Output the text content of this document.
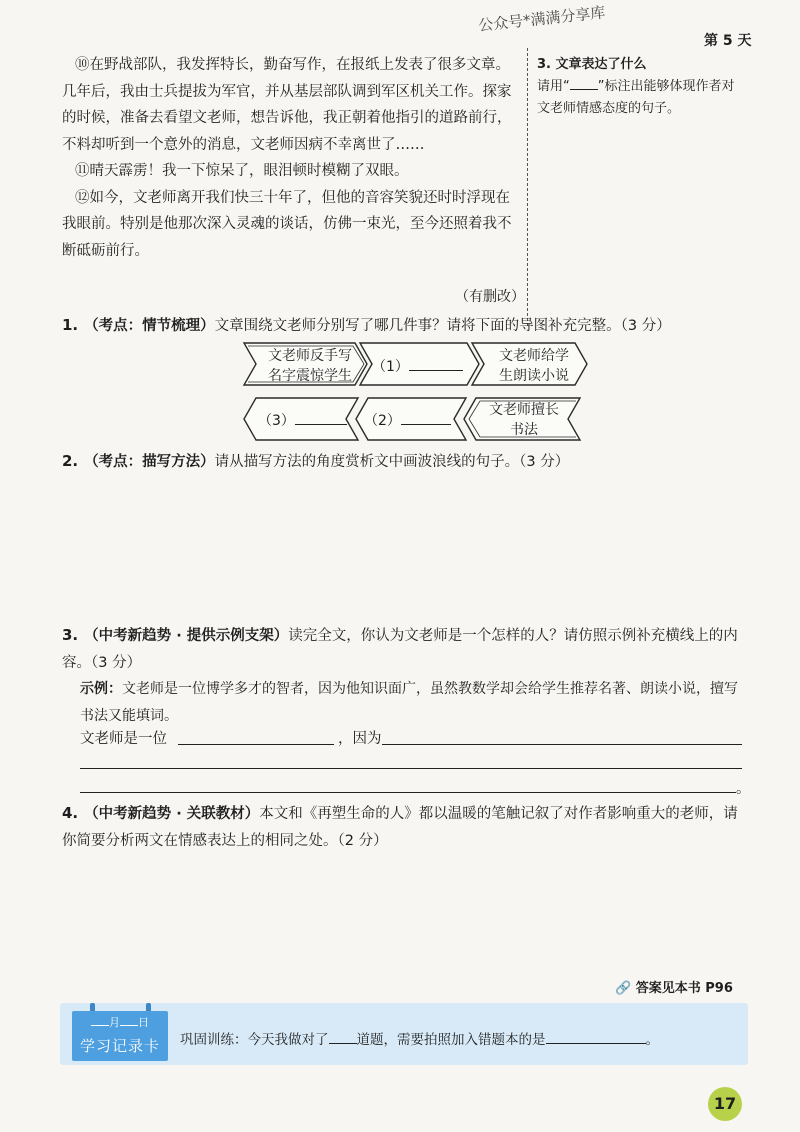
公众号*满满分享库
第 5 天

⑩在野战部队，我发挥特长，勤奋写作，在报纸上发表了很多文章。几年后，我由士兵提拔为军官，并从基层部队调到军区机关工作。探家的时候，准备去看望文老师，想告诉他，我正朝着他指引的道路前行，不料却听到一个意外的消息，文老师因病不幸离世了……

⑪晴天霹雳！我一下惊呆了，眼泪顿时模糊了双眼。

⑫如今，文老师离开我们快三十年了，但他的音容笑貌还时时浮现在我眼前。特别是他那次深入灵魂的谈话，仿佛一束光，至今还照着我不断砥砺前行。

（有删改）
3. 文章表达了什么
请用“ ”标注出能够体现作者对文老师情感态度的句子。
1. （考点：情节梳理）文章围绕文老师分别写了哪几件事？请将下面的导图补充完整。（3 分）
文老师反手写
名字震惊学生
（1）
文老师给学
生朗读小说
（3）	（2）
文老师擅长
书法
2. （考点：描写方法）请从描写方法的角度赏析文中画波浪线的句子。（3 分）
3. （中考新趋势 · 提供示例支架）读完全文，你认为文老师是一个怎样的人？请仿照示例补充横线上的内容。（3 分）
示例：文老师是一位博学多才的智者，因为他知识面广，虽然教数学却会给学生推荐名著、朗读小说，擅写书法又能填词。
文老师是一位	，因为
。
4. （中考新趋势 · 关联教材）本文和《再塑生命的人》都以温暖的笔触记叙了对作者影响重大的老师，请你简要分析两文在情感表达上的相同之处。（2 分）
🔗 答案见本书 P96
月 日
学习记录卡	巩固训练：今天我做对了 道题，需要拍照加入错题本的是	。
17
